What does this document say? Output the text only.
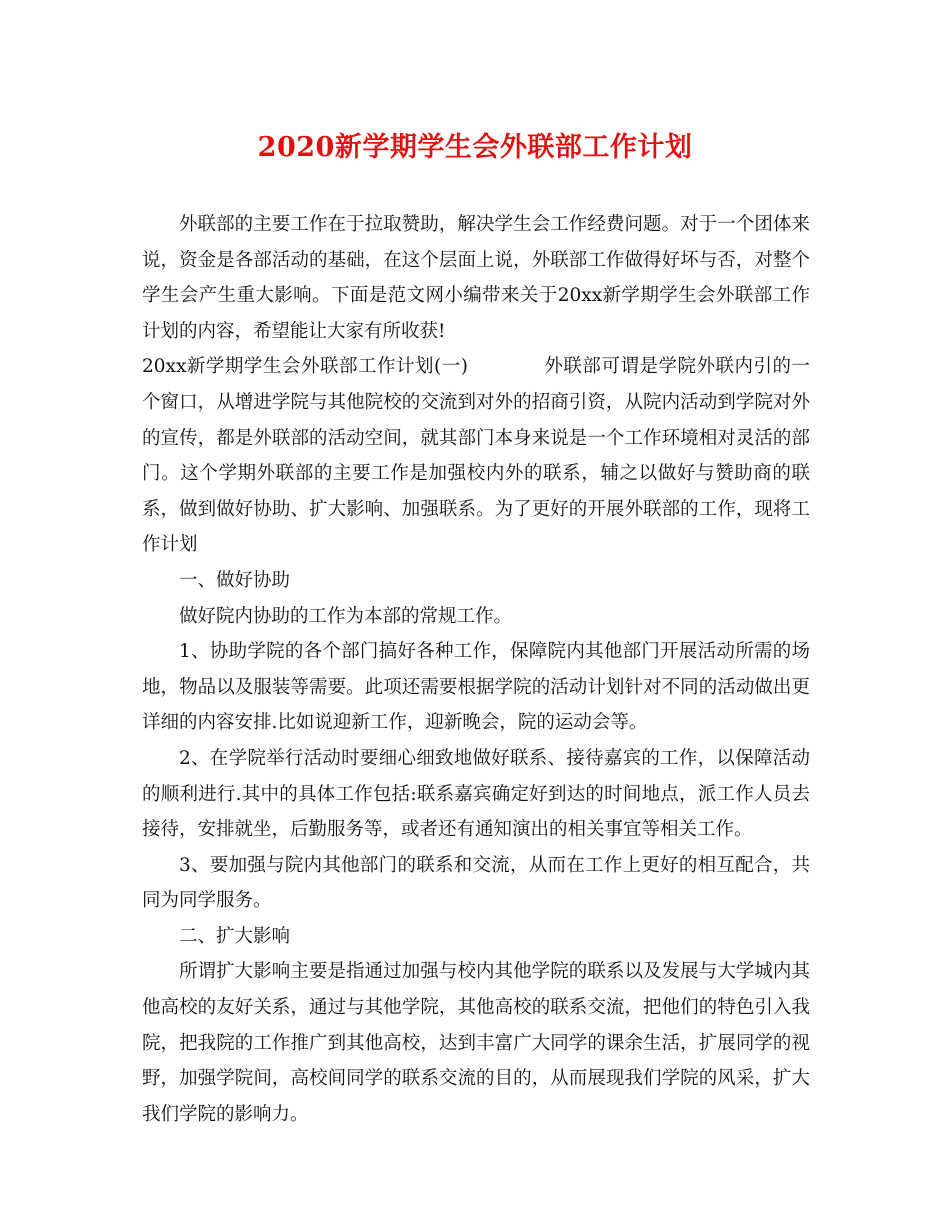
2020新学期学生会外联部工作计划

外联部的主要工作在于拉取赞助，解决学生会工作经费问题。对于一个团体来说，资金是各部活动的基础，在这个层面上说，外联部工作做得好坏与否，对整个学生会产生重大影响。下面是范文网小编带来关于20xx新学期学生会外联部工作计划的内容，希望能让大家有所收获!

20xx新学期学生会外联部工作计划(一)	外联部可谓是学院外联内引的一个窗口，从增进学院与其他院校的交流到对外的招商引资，从院内活动到学院对外的宣传，都是外联部的活动空间，就其部门本身来说是一个工作环境相对灵活的部门。这个学期外联部的主要工作是加强校内外的联系，辅之以做好与赞助商的联系，做到做好协助、扩大影响、加强联系。为了更好的开展外联部的工作，现将工作计划

一、做好协助

做好院内协助的工作为本部的常规工作。

1、协助学院的各个部门搞好各种工作，保障院内其他部门开展活动所需的场地，物品以及服装等需要。此项还需要根据学院的活动计划针对不同的活动做出更详细的内容安排.比如说迎新工作，迎新晚会，院的运动会等。

2、在学院举行活动时要细心细致地做好联系、接待嘉宾的工作，以保障活动的顺利进行.其中的具体工作包括:联系嘉宾确定好到达的时间地点，派工作人员去接待，安排就坐，后勤服务等，或者还有通知演出的相关事宜等相关工作。

3、要加强与院内其他部门的联系和交流，从而在工作上更好的相互配合，共同为同学服务。

二、扩大影响

所谓扩大影响主要是指通过加强与校内其他学院的联系以及发展与大学城内其他高校的友好关系，通过与其他学院，其他高校的联系交流，把他们的特色引入我院，把我院的工作推广到其他高校，达到丰富广大同学的课余生活，扩展同学的视野，加强学院间，高校间同学的联系交流的目的，从而展现我们学院的风采，扩大我们学院的影响力。
